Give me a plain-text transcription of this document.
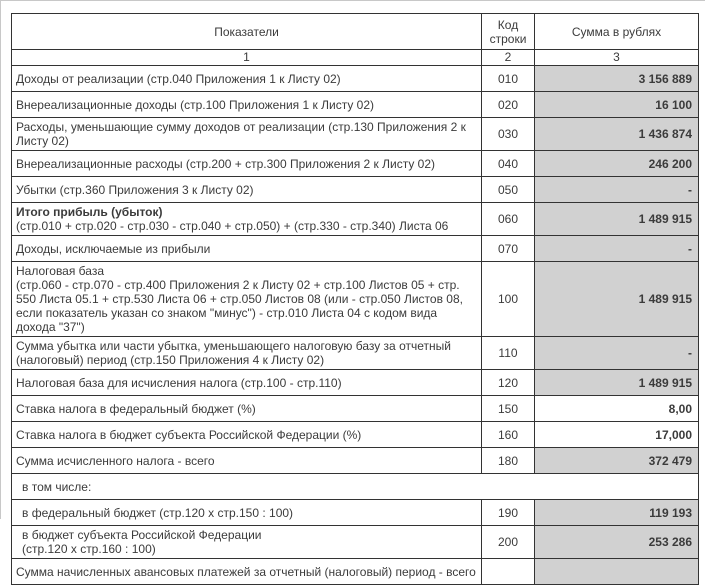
Показатели	Код строки	Сумма в рублях
1	2	3

Доходы от реализации (стр.040 Приложения 1 к Листу 02)	010	3 156 889

Внереализационные доходы (стр.100 Приложения 1 к Листу 02)	020	16 100

Расходы, уменьшающие сумму доходов от реализации (стр.130 Приложения 2 к Листу 02)	030	1 436 874

Внереализационные расходы (стр.200 + стр.300 Приложения 2 к Листу 02)	040	246 200

Убытки (стр.360 Приложения 3 к Листу 02)	050	-

Итого прибыль (убыток)
(стр.010 + стр.020 - стр.030 - стр.040 + стр.050) + (стр.330 - стр.340) Листа 06	060	1 489 915

Доходы, исключаемые из прибыли	070	-

Налоговая база
(стр.060 - стр.070 - стр.400 Приложения 2 к Листу 02 + стр.100 Листов 05 + стр. 550 Листа 05.1 + стр.530 Листа 06 + стр.050 Листов 08 (или - стр.050 Листов 08, если показатель указан со знаком "минус") - стр.010 Листа 04 с кодом вида дохода "37")	100	1 489 915

Сумма убытка или части убытка, уменьшающего налоговую базу за отчетный (налоговый) период (стр.150 Приложения 4 к Листу 02)	110	-

Налоговая база для исчисления налога (стр.100 - стр.110)	120	1 489 915

Ставка налога в федеральный бюджет (%)	150	8,00

Ставка налога в бюджет субъекта Российской Федерации (%)	160	17,000

Сумма исчисленного налога - всего	180	372 479

в том числе:		

в федеральный бюджет (стр.120 х стр.150 : 100)	190	119 193

в бюджет субъекта Российской Федерации
(стр.120 х стр.160 : 100)	200	253 286

Сумма начисленных авансовых платежей за отчетный (налоговый) период - всего		
